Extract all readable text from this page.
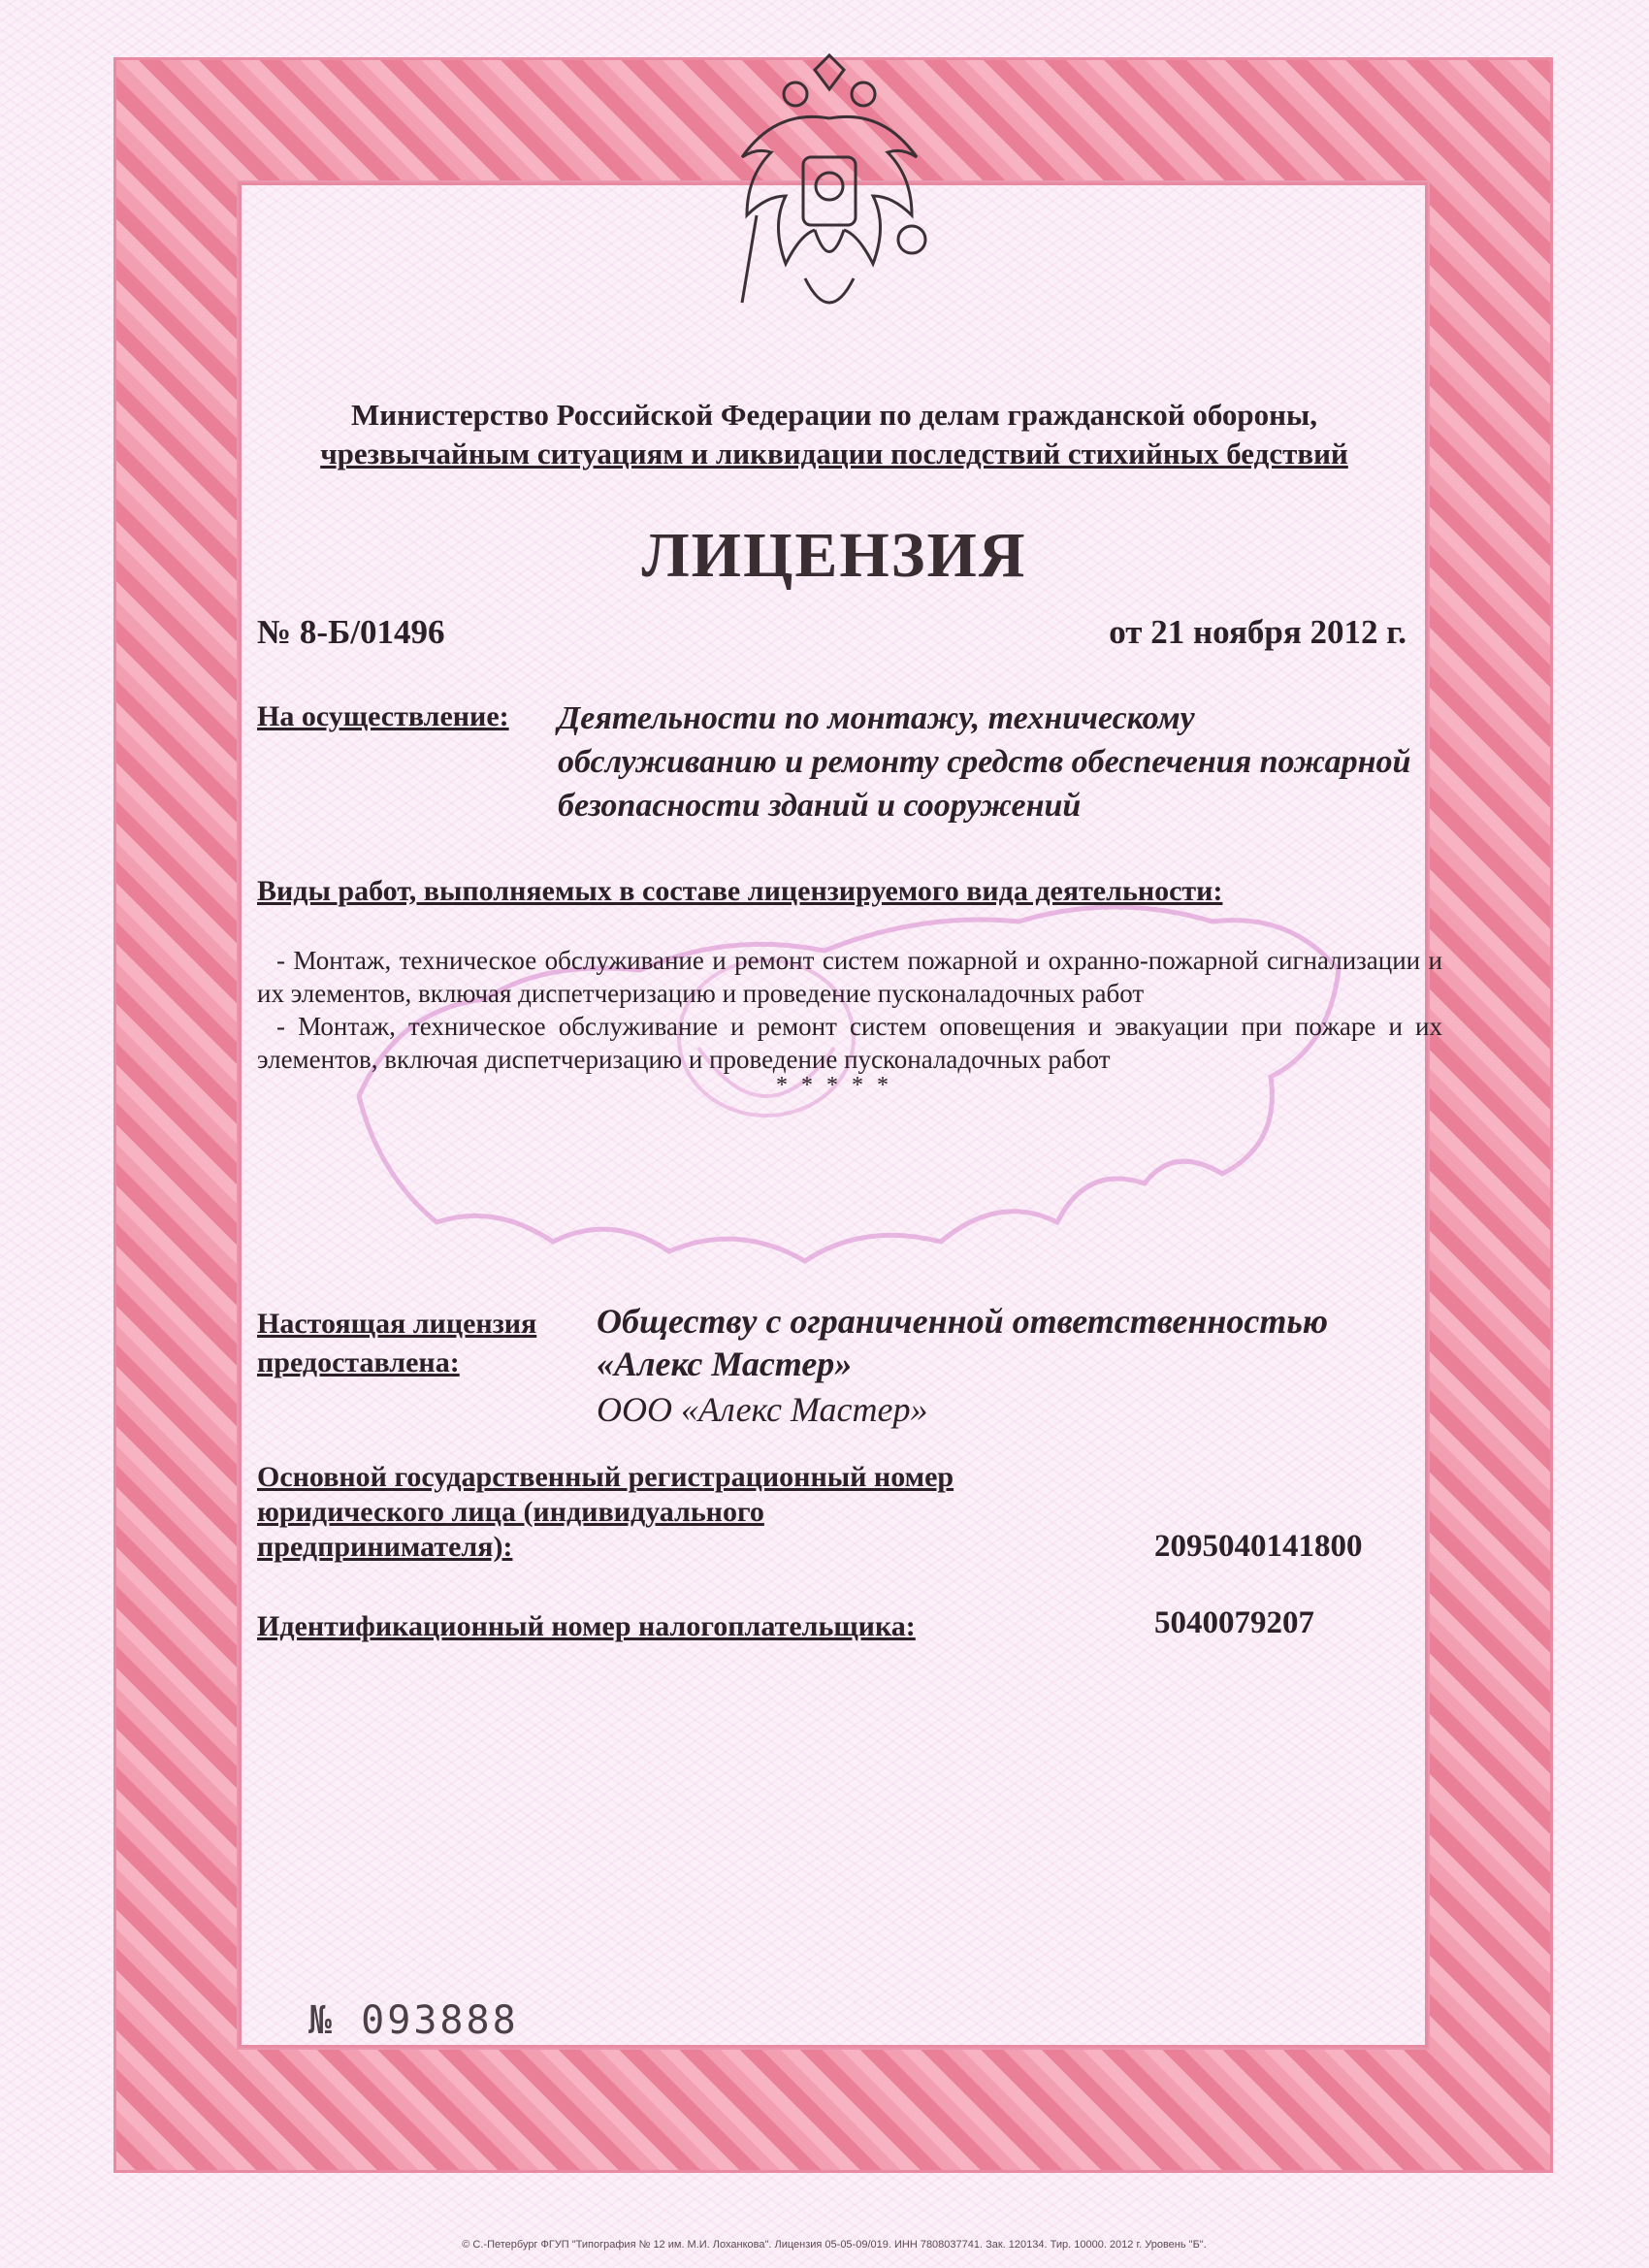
Министерство Российской Федерации по делам гражданской обороны,
чрезвычайным ситуациям и ликвидации последствий стихийных бедствий
ЛИЦЕНЗИЯ
№ 8-Б/01496	от 21 ноября 2012 г.
На осуществление: Деятельности по монтажу, техническому обслуживанию и ремонту средств обеспечения пожарной безопасности зданий и сооружений
Виды работ, выполняемых в составе лицензируемого вида деятельности:

- Монтаж, техническое обслуживание и ремонт систем пожарной и охранно-пожарной сигнализации и их элементов, включая диспетчеризацию и проведение пусконаладочных работ

- Монтаж, техническое обслуживание и ремонт систем оповещения и эвакуации при пожаре и их элементов, включая диспетчеризацию и проведение пусконаладочных работ

* * * * *
Настоящая лицензия предоставлена:
Обществу с ограниченной ответственностью «Алекс Мастер»
ООО «Алекс Мастер»
Основной государственный регистрационный номер юридического лица (индивидуального предпринимателя):	2095040141800
Идентификационный номер налогоплательщика:	5040079207
№ 093888
© С.-Петербург ФГУП "Типография № 12 им. М.И. Лоханкова". Лицензия 05-05-09/019. ИНН 7808037741. Зак. 120134. Тир. 10000. 2012 г. Уровень "Б".
